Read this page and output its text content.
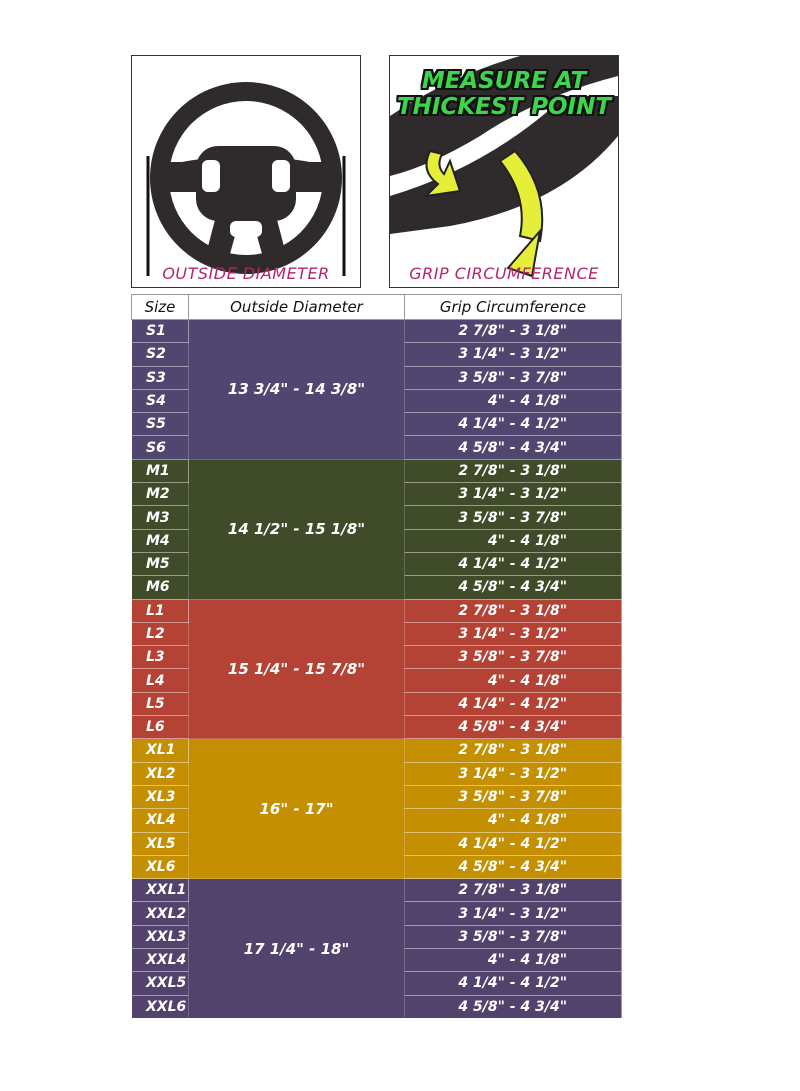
OUTSIDE DIAMETER
MEASURE AT
THICKEST POINT
GRIP CIRCUMFERENCE
Size	Outside Diameter	Grip Circumference
S1	13 3/4" - 14 3/8"	2 7/8" - 3 1/8"
S2		3 1/4" - 3 1/2"
S3		3 5/8" - 3 7/8"
S4		4" - 4 1/8"
S5		4 1/4" - 4 1/2"
S6		4 5/8" - 4 3/4"
M1	14 1/2" - 15 1/8"	2 7/8" - 3 1/8"
M2		3 1/4" - 3 1/2"
M3		3 5/8" - 3 7/8"
M4		4" - 4 1/8"
M5		4 1/4" - 4 1/2"
M6		4 5/8" - 4 3/4"
L1	15 1/4" - 15 7/8"	2 7/8" - 3 1/8"
L2		3 1/4" - 3 1/2"
L3		3 5/8" - 3 7/8"
L4		4" - 4 1/8"
L5		4 1/4" - 4 1/2"
L6		4 5/8" - 4 3/4"
XL1	16" - 17"	2 7/8" - 3 1/8"
XL2		3 1/4" - 3 1/2"
XL3		3 5/8" - 3 7/8"
XL4		4" - 4 1/8"
XL5		4 1/4" - 4 1/2"
XL6		4 5/8" - 4 3/4"
XXL1	17 1/4" - 18"	2 7/8" - 3 1/8"
XXL2		3 1/4" - 3 1/2"
XXL3		3 5/8" - 3 7/8"
XXL4		4" - 4 1/8"
XXL5		4 1/4" - 4 1/2"
XXL6		4 5/8" - 4 3/4"
